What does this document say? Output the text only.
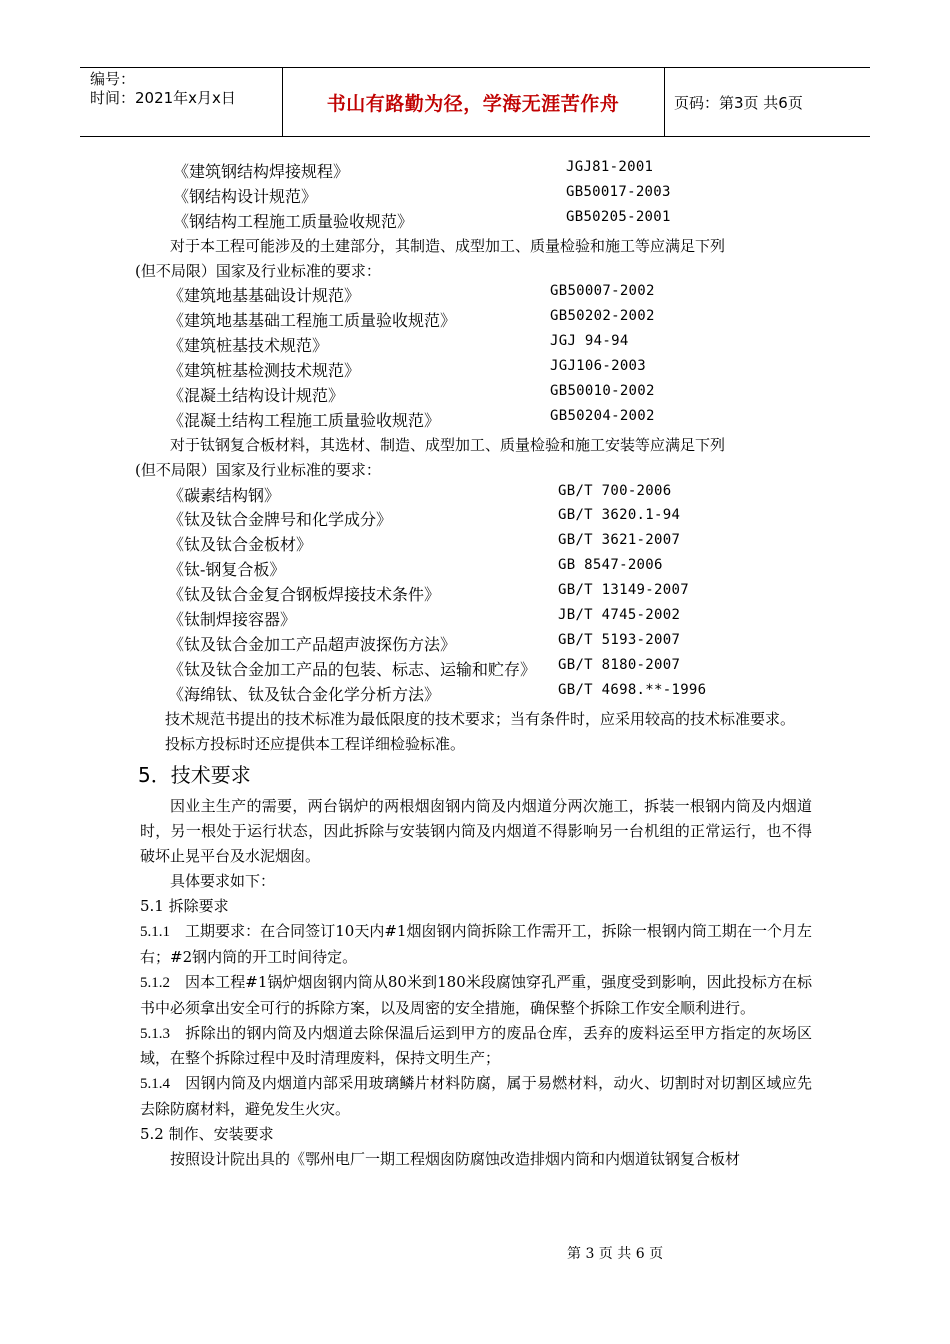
编号：
时间：2021年x月x日	书山有路勤为径，学海无涯苦作舟	页码：第3页 共6页
《建筑钢结构焊接规程》	JGJ81-2001
《钢结构设计规范》	GB50017-2003
《钢结构工程施工质量验收规范》	GB50205-2001
对于本工程可能涉及的土建部分，其制造、成型加工、质量检验和施工等应满足下列
(但不局限）国家及行业标准的要求：
《建筑地基基础设计规范》	GB50007-2002
《建筑地基基础工程施工质量验收规范》	GB50202-2002
《建筑桩基技术规范》	JGJ 94-94
《建筑桩基检测技术规范》	JGJ106-2003
《混凝土结构设计规范》	GB50010-2002
《混凝土结构工程施工质量验收规范》	GB50204-2002
对于钛钢复合板材料，其选材、制造、成型加工、质量检验和施工安装等应满足下列
(但不局限）国家及行业标准的要求：
《碳素结构钢》	GB/T 700-2006
《钛及钛合金牌号和化学成分》	GB/T 3620.1-94
《钛及钛合金板材》	GB/T 3621-2007
《钛-钢复合板》	GB 8547-2006
《钛及钛合金复合钢板焊接技术条件》	GB/T 13149-2007
《钛制焊接容器》	JB/T 4745-2002
《钛及钛合金加工产品超声波探伤方法》	GB/T 5193-2007
《钛及钛合金加工产品的包装、标志、运输和贮存》 GB/T 8180-2007
《海绵钛、钛及钛合金化学分析方法》	GB/T 4698.**-1996
技术规范书提出的技术标准为最低限度的技术要求；当有条件时，应采用较高的技术标准要求。
投标方投标时还应提供本工程详细检验标准。
5．技术要求
因业主生产的需要，两台锅炉的两根烟囱钢内筒及内烟道分两次施工，拆装一根钢内筒及内烟道时，另一根处于运行状态，因此拆除与安装钢内筒及内烟道不得影响另一台机组的正常运行，也不得破坏止晃平台及水泥烟囱。
具体要求如下：
5.1 拆除要求
5.1.1 工期要求：在合同签订10天内#1烟囱钢内筒拆除工作需开工，拆除一根钢内筒工期在一个月左右；#2钢内筒的开工时间待定。
5.1.2 因本工程#1锅炉烟囱钢内筒从80米到180米段腐蚀穿孔严重，强度受到影响，因此投标方在标书中必须拿出安全可行的拆除方案，以及周密的安全措施，确保整个拆除工作安全顺利进行。
5.1.3 拆除出的钢内筒及内烟道去除保温后运到甲方的废品仓库，丢弃的废料运至甲方指定的灰场区域，在整个拆除过程中及时清理废料，保持文明生产；
5.1.4 因钢内筒及内烟道内部采用玻璃鳞片材料防腐，属于易燃材料，动火、切割时对切割区域应先去除防腐材料，避免发生火灾。
5.2 制作、安装要求
按照设计院出具的《鄂州电厂一期工程烟囱防腐蚀改造排烟内筒和内烟道钛钢复合板材
第 3 页 共 6 页
